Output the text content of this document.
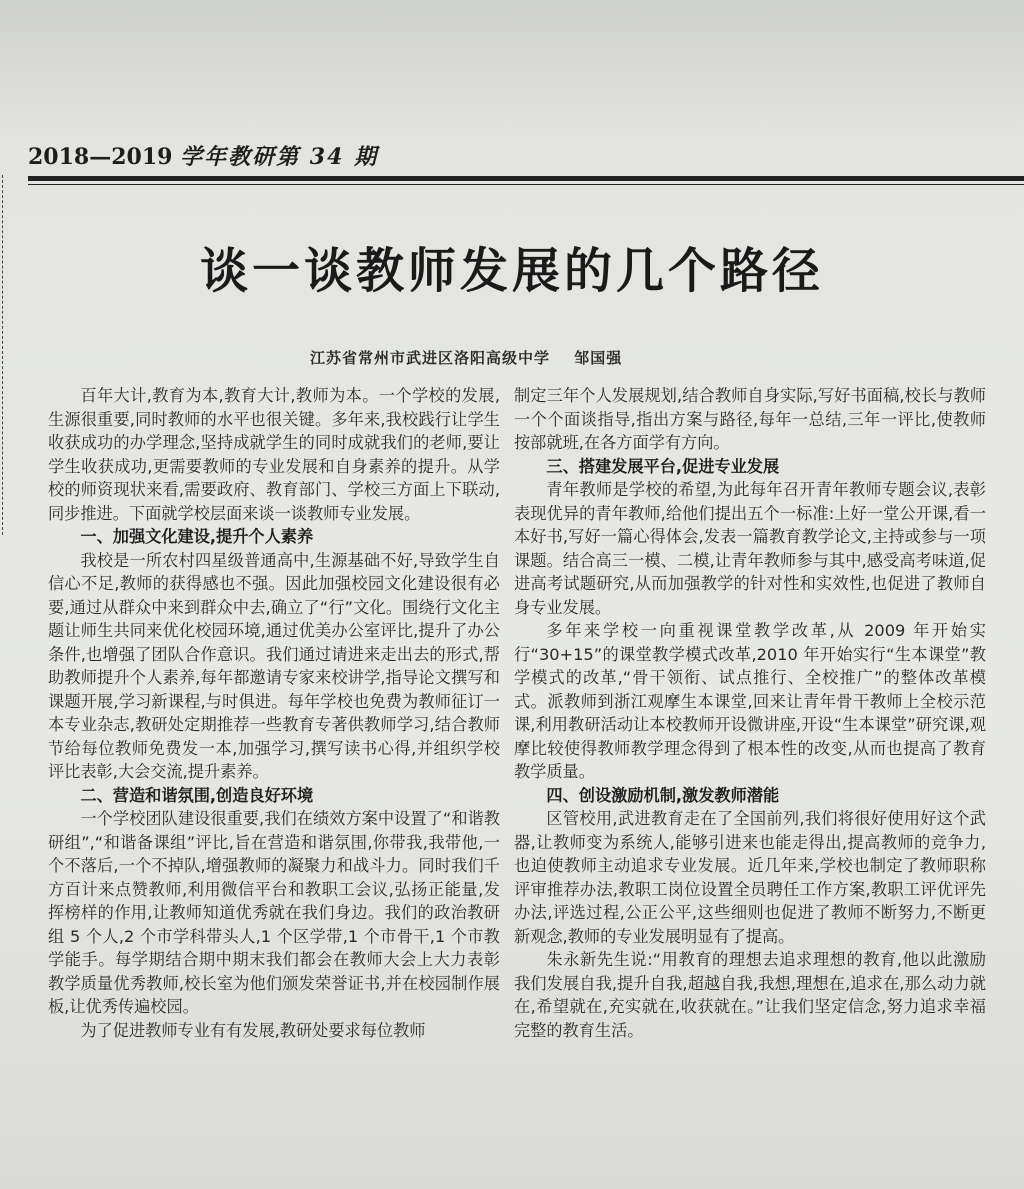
2018—2019 学年教研第 34 期
谈一谈教师发展的几个路径
江苏省常州市武进区洛阳高级中学 邹国强

百年大计,教育为本,教育大计,教师为本。一个学校的发展,生源很重要,同时教师的水平也很关键。多年来,我校践行让学生收获成功的办学理念,坚持成就学生的同时成就我们的老师,要让学生收获成功,更需要教师的专业发展和自身素养的提升。从学校的师资现状来看,需要政府、教育部门、学校三方面上下联动,同步推进。下面就学校层面来谈一谈教师专业发展。

一、加强文化建设,提升个人素养

我校是一所农村四星级普通高中,生源基础不好,导致学生自信心不足,教师的获得感也不强。因此加强校园文化建设很有必要,通过从群众中来到群众中去,确立了“行”文化。围绕行文化主题让师生共同来优化校园环境,通过优美办公室评比,提升了办公条件,也增强了团队合作意识。我们通过请进来走出去的形式,帮助教师提升个人素养,每年都邀请专家来校讲学,指导论文撰写和课题开展,学习新课程,与时俱进。每年学校也免费为教师征订一本专业杂志,教研处定期推荐一些教育专著供教师学习,结合教师节给每位教师免费发一本,加强学习,撰写读书心得,并组织学校评比表彰,大会交流,提升素养。

二、营造和谐氛围,创造良好环境

一个学校团队建设很重要,我们在绩效方案中设置了“和谐教研组”,“和谐备课组”评比,旨在营造和谐氛围,你带我,我带他,一个不落后,一个不掉队,增强教师的凝聚力和战斗力。同时我们千方百计来点赞教师,利用微信平台和教职工会议,弘扬正能量,发挥榜样的作用,让教师知道优秀就在我们身边。我们的政治教研组 5 个人,2 个市学科带头人,1 个区学带,1 个市骨干,1 个市教学能手。每学期结合期中期末我们都会在教师大会上大力表彰教学质量优秀教师,校长室为他们颁发荣誉证书,并在校园制作展板,让优秀传遍校园。

为了促进教师专业有有发展,教研处要求每位教师

制定三年个人发展规划,结合教师自身实际,写好书面稿,校长与教师一个个面谈指导,指出方案与路径,每年一总结,三年一评比,使教师按部就班,在各方面学有方向。

三、搭建发展平台,促进专业发展

青年教师是学校的希望,为此每年召开青年教师专题会议,表彰表现优异的青年教师,给他们提出五个一标准:上好一堂公开课,看一本好书,写好一篇心得体会,发表一篇教育教学论文,主持或参与一项课题。结合高三一模、二模,让青年教师参与其中,感受高考味道,促进高考试题研究,从而加强教学的针对性和实效性,也促进了教师自身专业发展。

多年来学校一向重视课堂教学改革,从 2009 年开始实行“30+15”的课堂教学模式改革,2010 年开始实行“生本课堂”教学模式的改革,“骨干领衔、试点推行、全校推广”的整体改革模式。派教师到浙江观摩生本课堂,回来让青年骨干教师上全校示范课,利用教研活动让本校教师开设微讲座,开设“生本课堂”研究课,观摩比较使得教师教学理念得到了根本性的改变,从而也提高了教育教学质量。

四、创设激励机制,激发教师潜能

区管校用,武进教育走在了全国前列,我们将很好使用好这个武器,让教师变为系统人,能够引进来也能走得出,提高教师的竞争力,也迫使教师主动追求专业发展。近几年来,学校也制定了教师职称评审推荐办法,教职工岗位设置全员聘任工作方案,教职工评优评先办法,评选过程,公正公平,这些细则也促进了教师不断努力,不断更新观念,教师的专业发展明显有了提高。

朱永新先生说:“用教育的理想去追求理想的教育,他以此激励我们发展自我,提升自我,超越自我,我想,理想在,追求在,那么动力就在,希望就在,充实就在,收获就在。”让我们坚定信念,努力追求幸福完整的教育生活。
